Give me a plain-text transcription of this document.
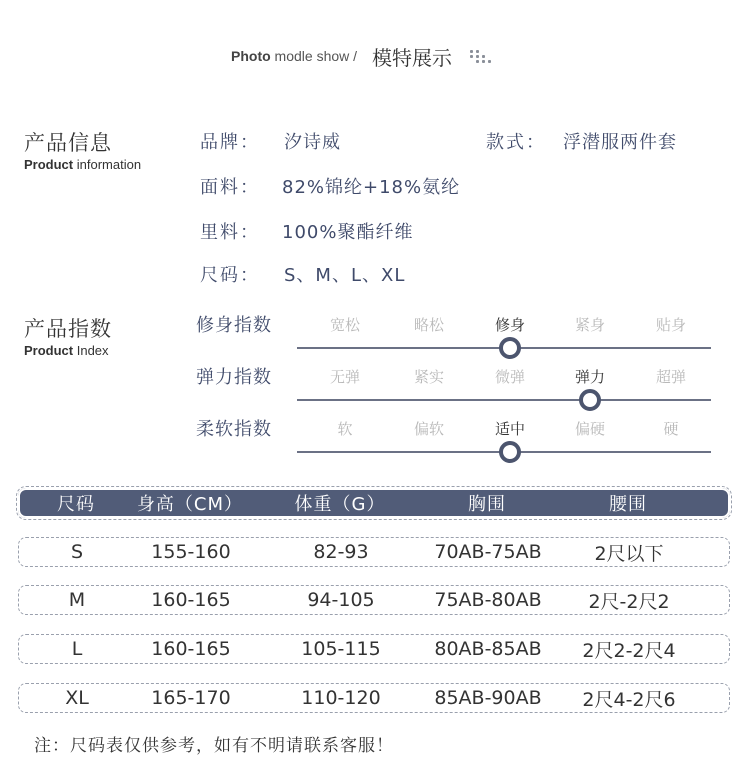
Photo modle show / 模特展示
产品信息
Product information
品牌： 汐诗威	款式： 浮潜服两件套
面料： 82%锦纶+18%氨纶
里料： 100%聚酯纤维
尺码： S、M、L、XL
产品指数
Product Index
修身指数	宽松	略松	修身	紧身	贴身
弹力指数	无弹	紧实	微弹	弹力	超弹
柔软指数	软	偏软	适中	偏硬	硬
尺码	身高（CM）	体重（G）	胸围	腰围
S	155-160	82-93	70AB-75AB	2尺以下
M	160-165	94-105	75AB-80AB	2尺-2尺2
L	160-165	105-115	80AB-85AB	2尺2-2尺4
XL	165-170	110-120	85AB-90AB	2尺4-2尺6
注：尺码表仅供参考，如有不明请联系客服！
